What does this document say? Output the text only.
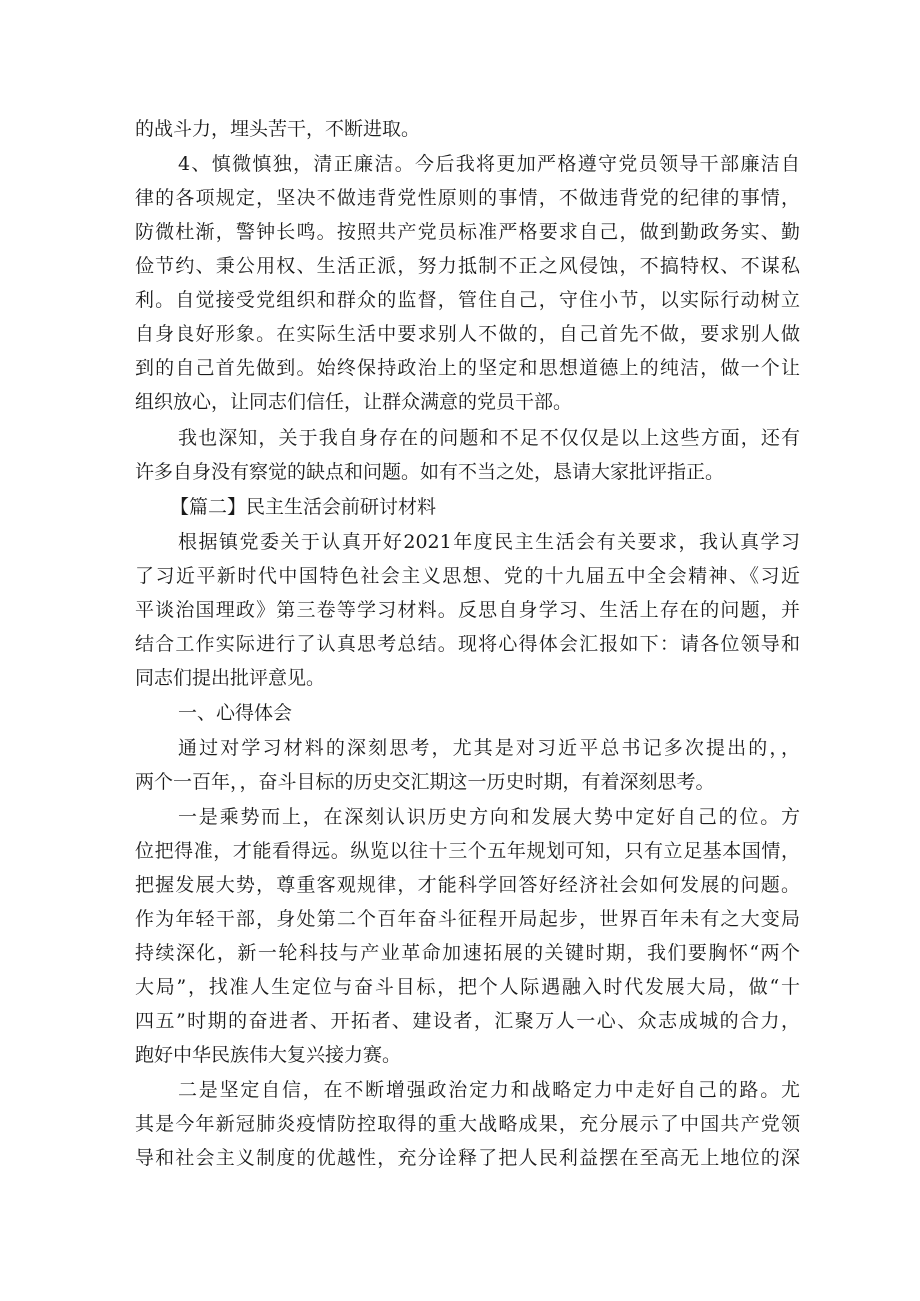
的战斗力，埋头苦干，不断进取。
4、慎微慎独，清正廉洁。今后我将更加严格遵守党员领导干部廉洁自
律的各项规定，坚决不做违背党性原则的事情，不做违背党的纪律的事情，
防微杜渐，警钟长鸣。按照共产党员标准严格要求自己，做到勤政务实、勤
俭节约、秉公用权、生活正派，努力抵制不正之风侵蚀，不搞特权、不谋私
利。自觉接受党组织和群众的监督，管住自己，守住小节，以实际行动树立
自身良好形象。在实际生活中要求别人不做的，自己首先不做，要求别人做
到的自己首先做到。始终保持政治上的坚定和思想道德上的纯洁，做一个让
组织放心，让同志们信任，让群众满意的党员干部。
我也深知，关于我自身存在的问题和不足不仅仅是以上这些方面，还有
许多自身没有察觉的缺点和问题。如有不当之处，恳请大家批评指正。
【篇二】民主生活会前研讨材料
根据镇党委关于认真开好2021年度民主生活会有关要求，我认真学习
了习近平新时代中国特色社会主义思想、党的十九届五中全会精神、《习近
平谈治国理政》第三卷等学习材料。反思自身学习、生活上存在的问题，并
结合工作实际进行了认真思考总结。现将心得体会汇报如下：请各位领导和
同志们提出批评意见。
一、心得体会
通过对学习材料的深刻思考，尤其是对习近平总书记多次提出的，，
两个一百年，，奋斗目标的历史交汇期这一历史时期，有着深刻思考。
一是乘势而上，在深刻认识历史方向和发展大势中定好自己的位。方
位把得准，才能看得远。纵览以往十三个五年规划可知，只有立足基本国情，
把握发展大势，尊重客观规律，才能科学回答好经济社会如何发展的问题。
作为年轻干部，身处第二个百年奋斗征程开局起步，世界百年未有之大变局
持续深化，新一轮科技与产业革命加速拓展的关键时期，我们要胸怀“两个
大局”，找准人生定位与奋斗目标，把个人际遇融入时代发展大局，做“十
四五”时期的奋进者、开拓者、建设者，汇聚万人一心、众志成城的合力，
跑好中华民族伟大复兴接力赛。
二是坚定自信，在不断增强政治定力和战略定力中走好自己的路。尤
其是今年新冠肺炎疫情防控取得的重大战略成果，充分展示了中国共产党领
导和社会主义制度的优越性，充分诠释了把人民利益摆在至高无上地位的深
